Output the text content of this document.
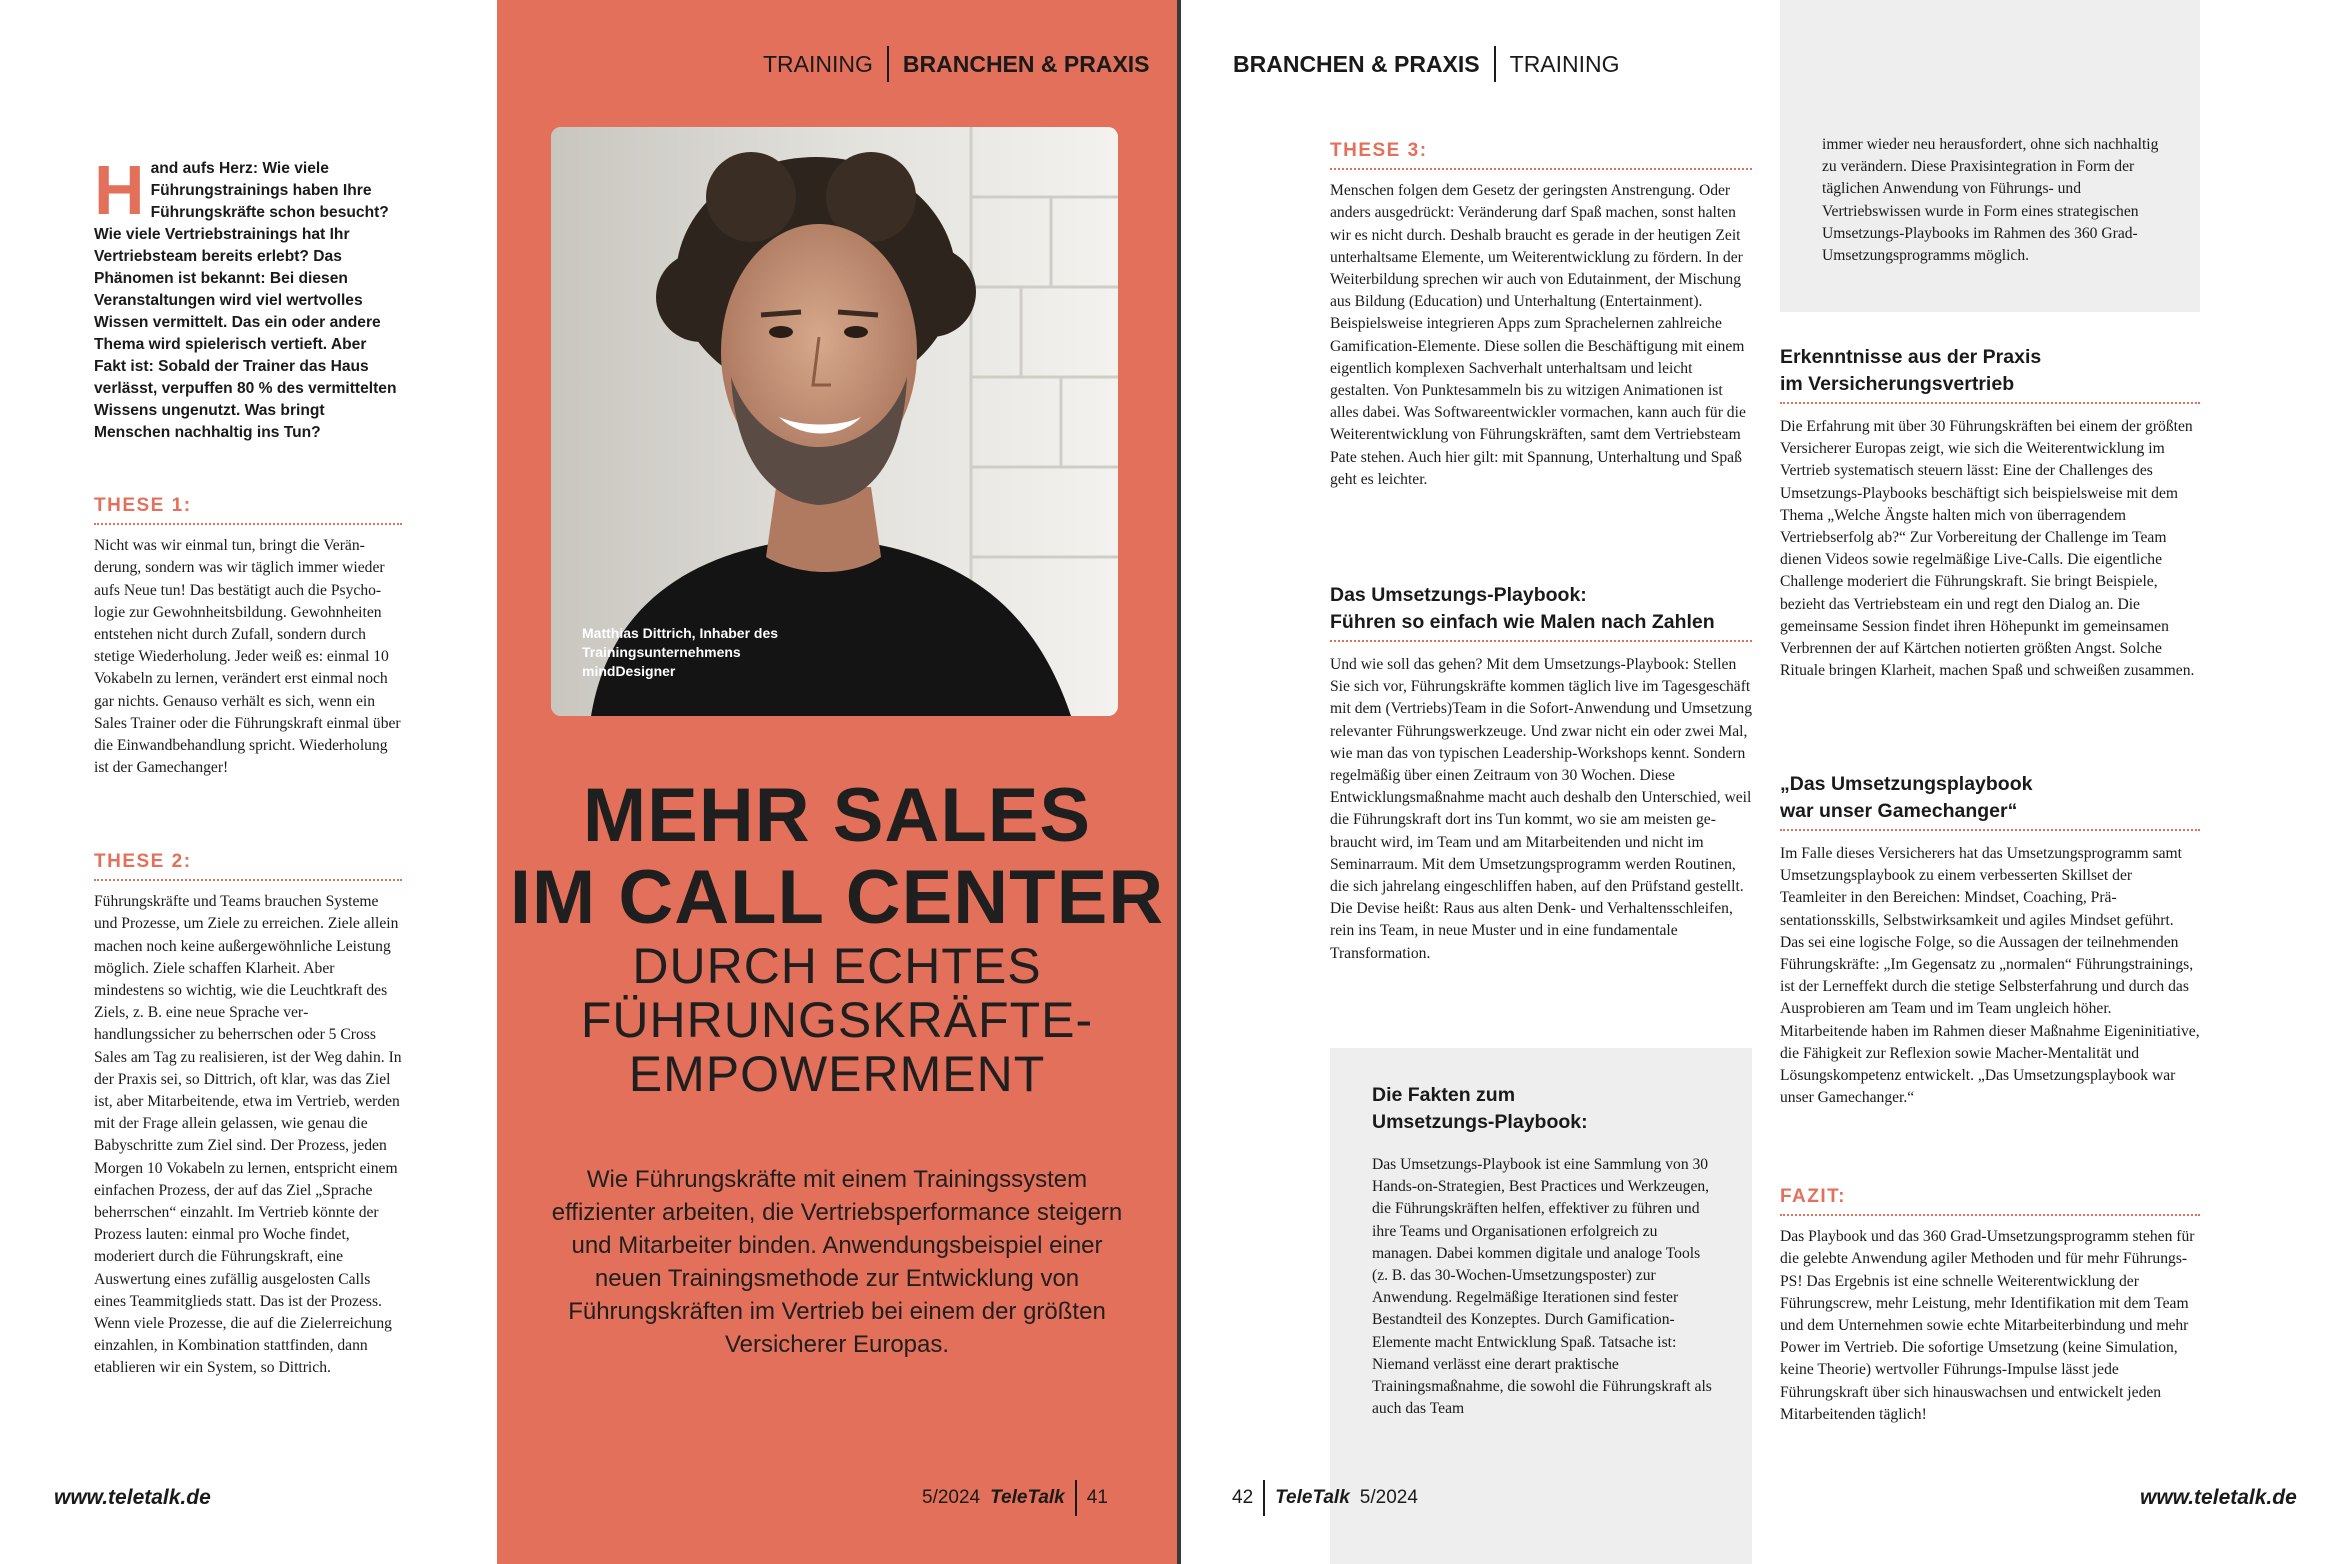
TRAINING BRANCHEN & PRAXIS	BRANCHEN & PRAXIS TRAINING
H and aufs Herz: Wie viele Führungstrainings haben Ihre Führungskräfte schon besucht? Wie viele Vertriebstrainings hat Ihr Vertriebsteam bereits erlebt? Das Phänomen ist bekannt: Bei diesen Veranstaltungen wird viel wertvolles Wissen vermittelt. Das ein oder andere Thema wird spielerisch vertieft. Aber Fakt ist: Sobald der Trainer das Haus verlässt, verpuffen 80 % des vermittelten Wissens ungenutzt. Was bringt Menschen nachhaltig ins Tun?
THESE 1:

Nicht was wir einmal tun, bringt die Veränderung, sondern was wir täglich immer wieder aufs Neue tun! Das bestätigt auch die Psychologie zur Gewohnheitsbildung. Gewohnheiten entstehen nicht durch Zufall, sondern durch stetige Wiederholung. Jeder weiß es: einmal 10 Vokabeln zu lernen, verändert erst einmal noch gar nichts. Genauso verhält es sich, wenn ein Sales Trainer oder die Führungskraft einmal über die Einwandbehandlung spricht. Wiederholung ist der Gamechanger!

THESE 2:

Führungskräfte und Teams brauchen Systeme und Prozesse, um Ziele zu erreichen. Ziele allein machen noch keine außergewöhnliche Leistung möglich. Ziele schaffen Klarheit. Aber mindestens so wichtig, wie die Leuchtkraft des Ziels, z. B. eine neue Sprache verhandlungssicher zu beherrschen oder 5 Cross Sales am Tag zu realisieren, ist der Weg dahin. In der Praxis sei, so Dittrich, oft klar, was das Ziel ist, aber Mitarbeitende, etwa im Vertrieb, werden mit der Frage allein gelassen, wie genau die Babyschritte zum Ziel sind. Der Prozess, jeden Morgen 10 Vokabeln zu lernen, entspricht einem einfachen Prozess, der auf das Ziel „Sprache beherrschen“ einzahlt. Im Vertrieb könnte der Prozess lauten: einmal pro Woche findet, moderiert durch die Führungskraft, eine Auswertung eines zufällig ausgelosten Calls eines Teammitglieds statt. Das ist der Prozess. Wenn viele Prozesse, die auf die Zielerreichung einzahlen, in Kombination stattfinden, dann etablieren wir ein System, so Dittrich.

Matthias Dittrich, Inhaber des Trainingsunternehmens mindDesigner
MEHR SALES
IM CALL CENTER
DURCH ECHTES
FÜHRUNGSKRÄFTE-
EMPOWERMENT
Wie Führungskräfte mit einem Trainingssystem effizienter arbeiten, die Vertriebsperformance steigern und Mitarbeiter binden. Anwendungsbeispiel einer neuen Trainingsmethode zur Entwicklung von Führungskräften im Vertrieb bei einem der größten Versicherer Europas.
THESE 3:

Menschen folgen dem Gesetz der geringsten Anstrengung. Oder anders ausgedrückt: Veränderung darf Spaß machen, sonst halten wir es nicht durch. Deshalb braucht es gerade in der heutigen Zeit unterhaltsame Elemente, um Weiterentwicklung zu fördern. In der Weiterbildung sprechen wir auch von Edutainment, der Mischung aus Bildung (Education) und Unterhaltung (Entertainment). Beispielsweise integrieren Apps zum Sprachelernen zahlreiche Gamification-Elemente. Diese sollen die Beschäftigung mit einem eigentlich komplexen Sachverhalt unterhaltsam und leicht gestalten. Von Punktesammeln bis zu witzigen Animationen ist alles dabei. Was Softwareentwickler vormachen, kann auch für die Weiterentwicklung von Führungskräften, samt dem Vertriebsteam Pate stehen. Auch hier gilt: mit Spannung, Unterhaltung und Spaß geht es leichter.

Das Umsetzungs-Playbook:
Führen so einfach wie Malen nach Zahlen

Und wie soll das gehen? Mit dem Umsetzungs-Playbook: Stellen Sie sich vor, Führungskräfte kommen täglich live im Tagesgeschäft mit dem (Vertriebs)Team in die Sofort-Anwendung und Umsetzung relevanter Führungswerkzeuge. Und zwar nicht ein oder zwei Mal, wie man das von typischen Leadership-Workshops kennt. Sondern regelmäßig über einen Zeitraum von 30 Wochen. Diese Entwicklungsmaßnahme macht auch deshalb den Unterschied, weil die Führungskraft dort ins Tun kommt, wo sie am meisten gebraucht wird, im Team und am Mitarbeitenden und nicht im Seminarraum. Mit dem Umsetzungsprogramm werden Routinen, die sich jahrelang eingeschliffen haben, auf den Prüfstand gestellt. Die Devise heißt: Raus aus alten Denk- und Verhaltensschleifen, rein ins Team, in neue Muster und in eine fundamentale Transformation.

Die Fakten zum
Umsetzungs-Playbook:

Das Umsetzungs-Playbook ist eine Sammlung von 30 Hands-on-Strategien, Best Practices und Werkzeugen, die Führungskräften helfen, effektiver zu führen und ihre Teams und Organisationen erfolgreich zu managen. Dabei kommen digitale und analoge Tools (z. B. das 30-Wochen-Umsetzungsposter) zur Anwendung. Regelmäßige Iterationen sind fester Bestandteil des Konzeptes. Durch Gamification-Elemente macht Entwicklung Spaß. Tatsache ist: Niemand verlässt eine derart praktische Trainingsmaßnahme, die sowohl die Führungskraft als auch das Team

immer wieder neu herausfordert, ohne sich nachhaltig zu verändern. Diese Praxisintegration in Form der täglichen Anwendung von Führungs- und Vertriebswissen wurde in Form eines strategischen Umsetzungs-Playbooks im Rahmen des 360 Grad-Umsetzungsprogramms möglich.

Erkenntnisse aus der Praxis
im Versicherungsvertrieb

Die Erfahrung mit über 30 Führungskräften bei einem der größten Versicherer Europas zeigt, wie sich die Weiterentwicklung im Vertrieb systematisch steuern lässt: Eine der Challenges des Umsetzungs-Playbooks beschäftigt sich beispielsweise mit dem Thema „Welche Ängste halten mich von überragendem Vertriebserfolg ab?“ Zur Vorbereitung der Challenge im Team dienen Videos sowie regelmäßige Live-Calls. Die eigentliche Challenge moderiert die Führungskraft. Sie bringt Beispiele, bezieht das Vertriebsteam ein und regt den Dialog an. Die gemeinsame Session findet ihren Höhepunkt im gemeinsamen Verbrennen der auf Kärtchen notierten größten Angst. Solche Rituale bringen Klarheit, machen Spaß und schweißen zusammen.

„Das Umsetzungsplaybook
war unser Gamechanger“

Im Falle dieses Versicherers hat das Umsetzungsprogramm samt Umsetzungsplaybook zu einem verbesserten Skillset der Teamleiter in den Bereichen: Mindset, Coaching, Präsentationsskills, Selbstwirksamkeit und agiles Mindset geführt. Das sei eine logische Folge, so die Aussagen der teilnehmenden Führungskräfte: „Im Gegensatz zu „normalen“ Führungstrainings, ist der Lerneffekt durch die stetige Selbsterfahrung und durch das Ausprobieren am Team und im Team ungleich höher. Mitarbeitende haben im Rahmen dieser Maßnahme Eigeninitiative, die Fähigkeit zur Reflexion sowie Macher-Mentalität und Lösungskompetenz entwickelt. „Das Umsetzungsplaybook war unser Gamechanger.“

FAZIT:

Das Playbook und das 360 Grad-Umsetzungsprogramm stehen für die gelebte Anwendung agiler Methoden und für mehr Führungs-PS! Das Ergebnis ist eine schnelle Weiterentwicklung der Führungscrew, mehr Leistung, mehr Identifikation mit dem Team und dem Unternehmen sowie echte Mitarbeiterbindung und mehr Power im Vertrieb. Die sofortige Umsetzung (keine Simulation, keine Theorie) wertvoller Führungs-Impulse lässt jede Führungskraft über sich hinauswachsen und entwickelt jeden Mitarbeitenden täglich!

www.teletalk.de	5/2024 TeleTalk 41	42 TeleTalk 5/2024	www.teletalk.de
